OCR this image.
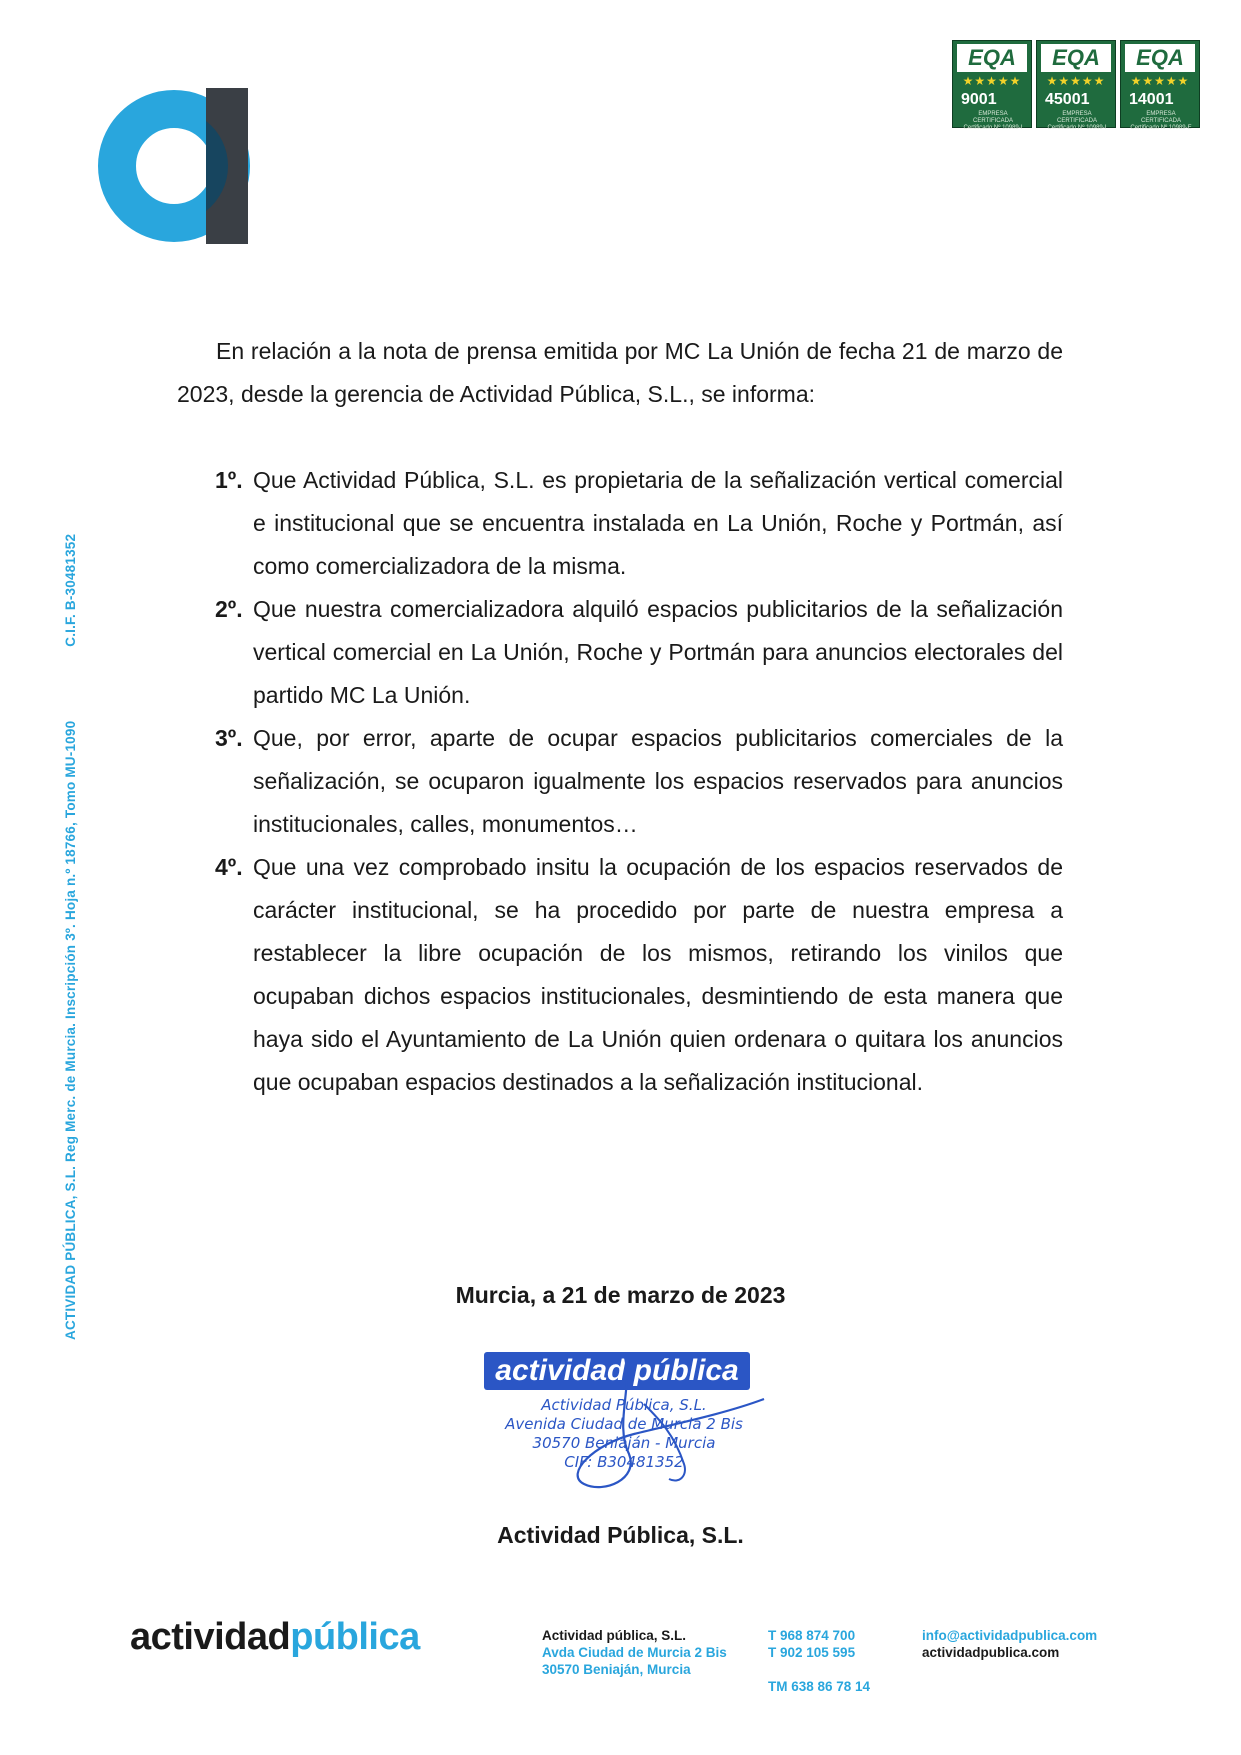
EQA
★★★★★
9001
EMPRESA CERTIFICADA
Certificado Nº 10989-I
EQA
★★★★★
45001
EMPRESA CERTIFICADA
Certificado Nº 10989-I
EQA
★★★★★
14001
EMPRESA CERTIFICADA
Certificado Nº 10989-E
ACTIVIDAD PÚBLICA, S.L. Reg Merc. de Murcia. Inscripción 3º. Hoja n.º 18766, Tomo MU-1090 C.I.F. B-30481352

En relación a la nota de prensa emitida por MC La Unión de fecha 21 de marzo de 2023, desde la gerencia de Actividad Pública, S.L., se informa:

1º. Que Actividad Pública, S.L. es propietaria de la señalización vertical comercial e institucional que se encuentra instalada en La Unión, Roche y Portmán, así como comercializadora de la misma.
2º. Que nuestra comercializadora alquiló espacios publicitarios de la señalización vertical comercial en La Unión, Roche y Portmán para anuncios electorales del partido MC La Unión.
3º. Que, por error, aparte de ocupar espacios publicitarios comerciales de la señalización, se ocuparon igualmente los espacios reservados para anuncios institucionales, calles, monumentos…
4º. Que una vez comprobado insitu la ocupación de los espacios reservados de carácter institucional, se ha procedido por parte de nuestra empresa a restablecer la libre ocupación de los mismos, retirando los vinilos que ocupaban dichos espacios institucionales, desmintiendo de esta manera que haya sido el Ayuntamiento de La Unión quien ordenara o quitara los anuncios que ocupaban espacios destinados a la señalización institucional.
Murcia, a 21 de marzo de 2023
actividad pública
Actividad Pública, S.L.
Avenida Ciudad de Murcia 2 Bis
30570 Beniaján - Murcia
CIF: B30481352
Actividad Pública, S.L.
actividadpública	Actividad pública, S.L.
Avda Ciudad de Murcia 2 Bis
30570 Beniaján, Murcia
T 968 874 700
T 902 105 595
TM 638 86 78 14
info@actividadpublica.com
actividadpublica.com
